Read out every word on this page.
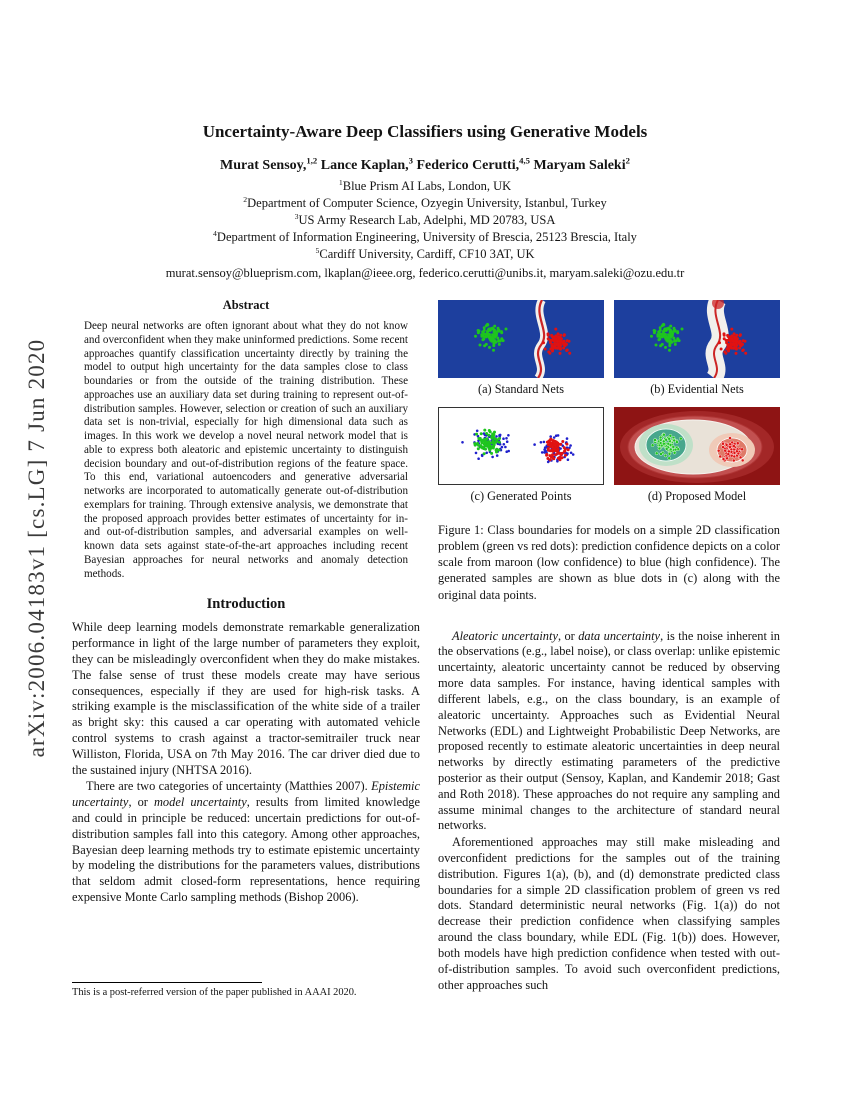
arXiv:2006.04183v1 [cs.LG] 7 Jun 2020
Uncertainty-Aware Deep Classifiers using Generative Models
Murat Sensoy,$^{1,2}$ Lance Kaplan,$^3$ Federico Cerutti,$^{4,5}$ Maryam Saleki$^2$
$^1$Blue Prism AI Labs, London, UK
$^2$Department of Computer Science, Ozyegin University, Istanbul, Turkey
$^3$US Army Research Lab, Adelphi, MD 20783, USA
$^4$Department of Information Engineering, University of Brescia, 25123 Brescia, Italy
$^5$Cardiff University, Cardiff, CF10 3AT, UK
murat.sensoy@blueprism.com, lkaplan@ieee.org, federico.cerutti@unibs.it, maryam.saleki@ozu.edu.tr
Abstract

Deep neural networks are often ignorant about what they do not know and overconfident when they make uninformed predictions. Some recent approaches quantify classification uncertainty directly by training the model to output high uncertainty for the data samples close to class boundaries or from the outside of the training distribution. These approaches use an auxiliary data set during training to represent out-of-distribution samples. However, selection or creation of such an auxiliary data set is non-trivial, especially for high dimensional data such as images. In this work we develop a novel neural network model that is able to express both aleatoric and epistemic uncertainty to distinguish decision boundary and out-of-distribution regions of the feature space. To this end, variational autoencoders and generative adversarial networks are incorporated to automatically generate out-of-distribution exemplars for training. Through extensive analysis, we demonstrate that the proposed approach provides better estimates of uncertainty for in- and out-of-distribution samples, and adversarial examples on well-known data sets against state-of-the-art approaches including recent Bayesian approaches for neural networks and anomaly detection methods.

Introduction

While deep learning models demonstrate remarkable generalization performance in light of the large number of parameters they exploit, they can be misleadingly overconfident when they do make mistakes. The false sense of trust these models create may have serious consequences, especially if they are used for high-risk tasks. A striking example is the misclassification of the white side of a trailer as bright sky: this caused a car operating with automated vehicle control systems to crash against a tractor-semitrailer truck near Williston, Florida, USA on 7th May 2016. The car driver died due to the sustained injury (NHTSA 2016).

There are two categories of uncertainty (Matthies 2007). Epistemic uncertainty, or model uncertainty, results from limited knowledge and could in principle be reduced: uncertain predictions for out-of-distribution samples fall into this category. Among other approaches, Bayesian deep learning methods try to estimate epistemic uncertainty by modeling the distributions for the parameters values, distributions that seldom admit closed-form representations, hence requiring expensive Monte Carlo sampling methods (Bishop 2006).

(a) Standard Nets	(b) Evidential Nets
(c) Generated Points	(d) Proposed Model

Figure 1: Class boundaries for models on a simple 2D classification problem (green vs red dots): prediction confidence depicts on a color scale from maroon (low confidence) to blue (high confidence). The generated samples are shown as blue dots in (c) along with the original data points.

Aleatoric uncertainty, or data uncertainty, is the noise inherent in the observations (e.g., label noise), or class overlap: unlike epistemic uncertainty, aleatoric uncertainty cannot be reduced by observing more data samples. For instance, having identical samples with different labels, e.g., on the class boundary, is an example of aleatoric uncertainty. Approaches such as Evidential Neural Networks (EDL) and Lightweight Probabilistic Deep Networks, are proposed recently to estimate aleatoric uncertainties in deep neural networks by directly estimating parameters of the predictive posterior as their output (Sensoy, Kaplan, and Kandemir 2018; Gast and Roth 2018). These approaches do not require any sampling and assume minimal changes to the architecture of standard neural networks.

Aforementioned approaches may still make misleading and overconfident predictions for the samples out of the training distribution. Figures 1(a), (b), and (d) demonstrate predicted class boundaries for a simple 2D classification problem of green vs red dots. Standard deterministic neural networks (Fig. 1(a)) do not decrease their prediction confidence when classifying samples around the class boundary, while EDL (Fig. 1(b)) does. However, both models have high prediction confidence when tested with out-of-distribution samples. To avoid such overconfident predictions, other approaches such

This is a post-referred version of the paper published in AAAI 2020.
